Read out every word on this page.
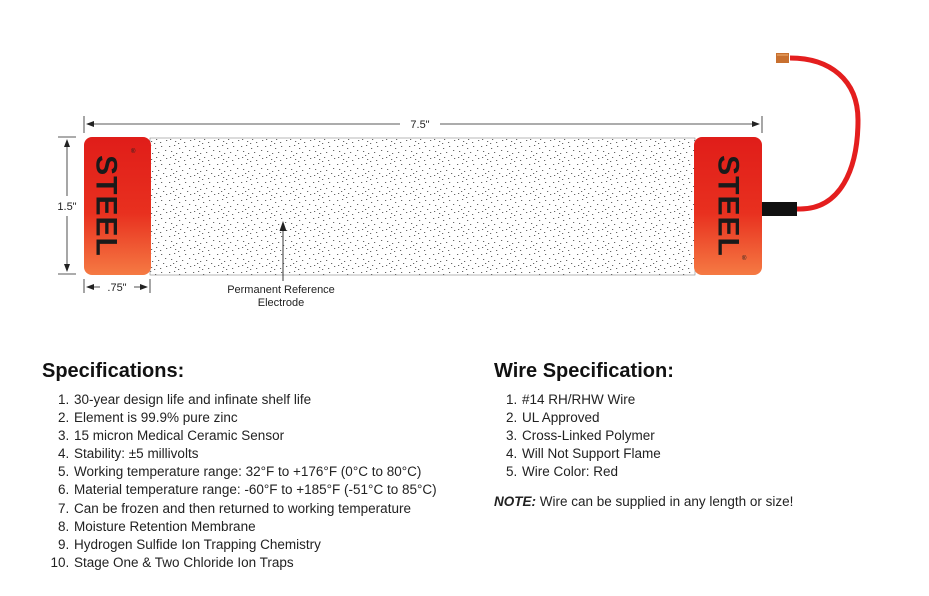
STEEL	STEEL
®
®
7.5"
1.5"
.75"	Permanent Reference
Electrode
Specifications:
1. 30-year design life and infinate shelf life
2. Element is 99.9% pure zinc
3. 15 micron Medical Ceramic Sensor
4. Stability: ±5 millivolts
5. Working temperature range: 32°F to +176°F (0°C to 80°C)
6. Material temperature range: -60°F to +185°F (-51°C to 85°C)
7. Can be frozen and then returned to working temperature
8. Moisture Retention Membrane
9. Hydrogen Sulfide Ion Trapping Chemistry
10. Stage One & Two Chloride Ion Traps
Wire Specification:
1. #14 RH/RHW Wire
2. UL Approved
3. Cross-Linked Polymer
4. Will Not Support Flame
5. Wire Color: Red
NOTE: Wire can be supplied in any length or size!
